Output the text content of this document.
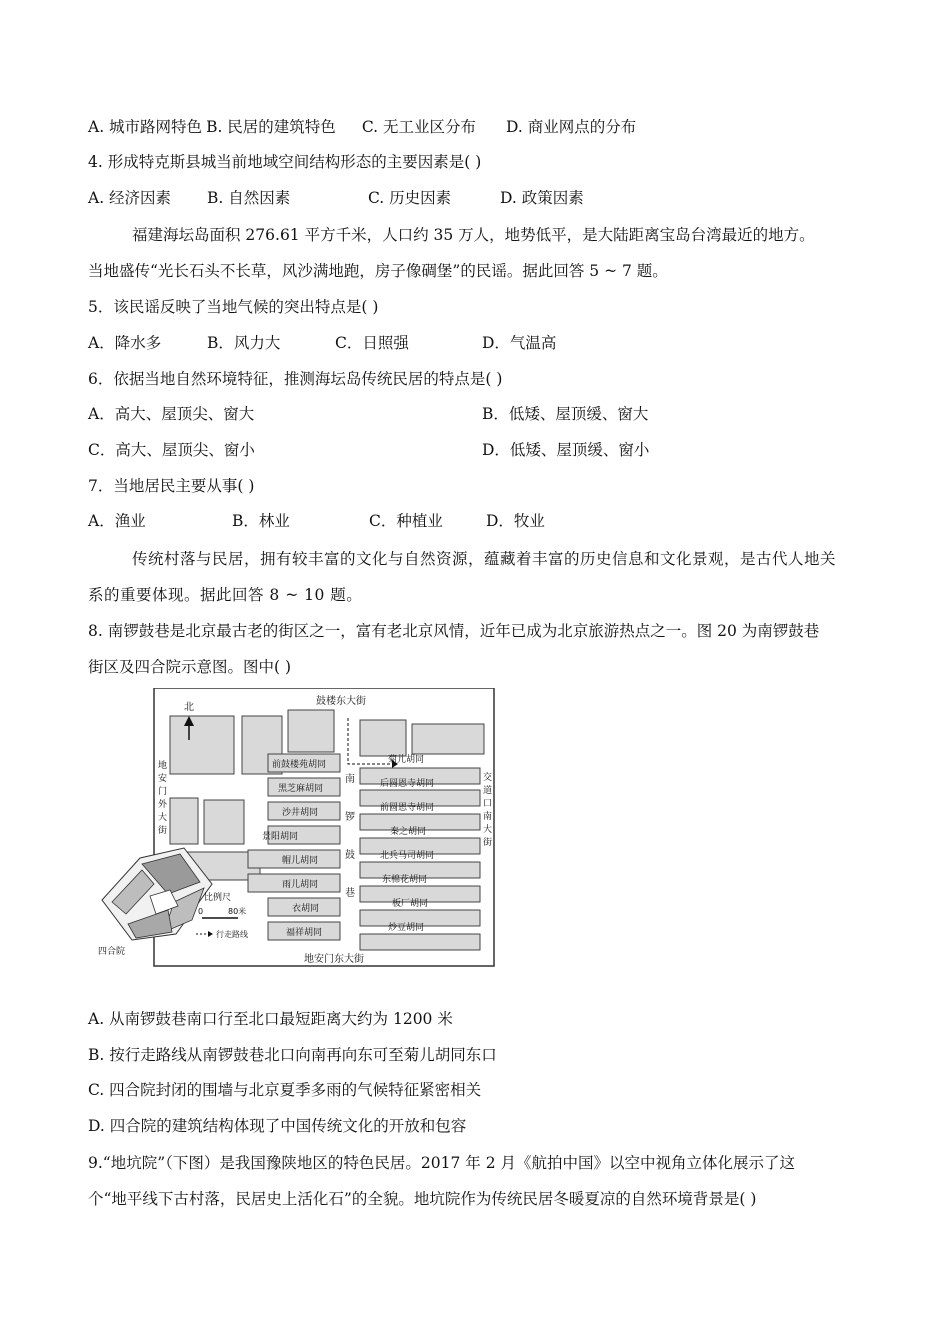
A. 城市路网特色 B. 民居的建筑特色 C. 无工业区分布 D. 商业网点的分布
4. 形成特克斯县城当前地域空间结构形态的主要因素是( )
A. 经济因素 B. 自然因素	C. 历史因素	D. 政策因素
福建海坛岛面积 276.61 平方千米，人口约 35 万人，地势低平，是大陆距离宝岛台湾最近的地方。
当地盛传“光长石头不长草，风沙满地跑，房子像碉堡”的民谣。据此回答 5 ~ 7 题。
5．该民谣反映了当地气候的突出特点是( )
A．降水多	B．风力大	C．日照强	D．气温高
6．依据当地自然环境特征，推测海坛岛传统民居的特点是( )
A．高大、屋顶尖、窗大	B．低矮、屋顶缓、窗大
C．高大、屋顶尖、窗小	D．低矮、屋顶缓、窗小
7．当地居民主要从事( )
A．渔业	B．林业	C．种植业	D．牧业
传统村落与民居，拥有较丰富的文化与自然资源，蕴藏着丰富的历史信息和文化景观，是古代人地关
系的重要体现。据此回答 8 ~ 10 题。
8. 南锣鼓巷是北京最古老的街区之一，富有老北京风情，近年已成为北京旅游热点之一。图 20 为南锣鼓巷
街区及四合院示意图。图中( )
北
鼓楼东大街
地安门东大街
地
安
门
外
大
街
交
道
口
南
大
街
南
锣
鼓
巷
前鼓楼苑胡同
黑芝麻胡同
沙井胡同
景阳胡同
帽儿胡同
雨儿胡同
衣胡同
福祥胡同
菊儿胡同
后圆恩寺胡同
前圆恩寺胡同
秦之胡同
北兵马司胡同
东棉花胡同
板厂胡同
炒豆胡同
四合院
比例尺
0	80米
行走路线
A. 从南锣鼓巷南口行至北口最短距离大约为 1200 米
B. 按行走路线从南锣鼓巷北口向南再向东可至菊儿胡同东口
C. 四合院封闭的围墙与北京夏季多雨的气候特征紧密相关
D. 四合院的建筑结构体现了中国传统文化的开放和包容
9.“地坑院”（下图）是我国豫陕地区的特色民居。2017 年 2 月《航拍中国》以空中视角立体化展示了这
个“地平线下古村落，民居史上活化石”的全貌。地坑院作为传统民居冬暖夏凉的自然环境背景是( )
